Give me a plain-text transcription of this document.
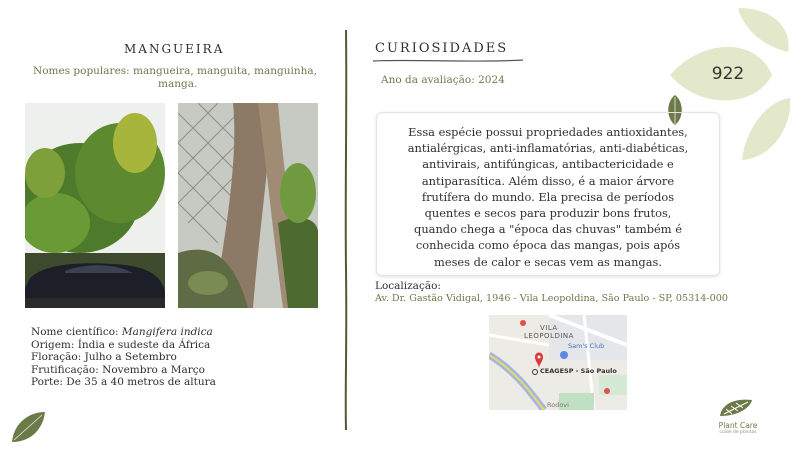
922
MANGUEIRA
Nomes populares: mangueira, manguita, manguinha,
manga.
Nome científico: Mangifera indica
Origem: Índia e sudeste da África
Floração: Julho a Setembro
Frutificação: Novembro a Março
Porte: De 35 a 40 metros de altura
CURIOSIDADES
Ano da avaliação: 2024
Essa espécie possui propriedades antioxidantes,
antialérgicas, anti-inflamatórias, anti-diabéticas,
antivirais, antifúngicas, antibactericidade e
antiparasítica. Além disso, é a maior árvore
frutífera do mundo. Ela precisa de períodos
quentes e secos para produzir bons frutos,
quando chega a "época das chuvas" também é
conhecida como época das mangas, pois após
meses de calor e secas vem as mangas.
Localização:
Av. Dr. Gastão Vidigal, 1946 - Vila Leopoldina, São Paulo - SP, 05314-000
VILA
LEOPOLDINA
Sam's Club
CEAGESP - São Paulo
Rodovi
Plant Care
cuide de plantas
